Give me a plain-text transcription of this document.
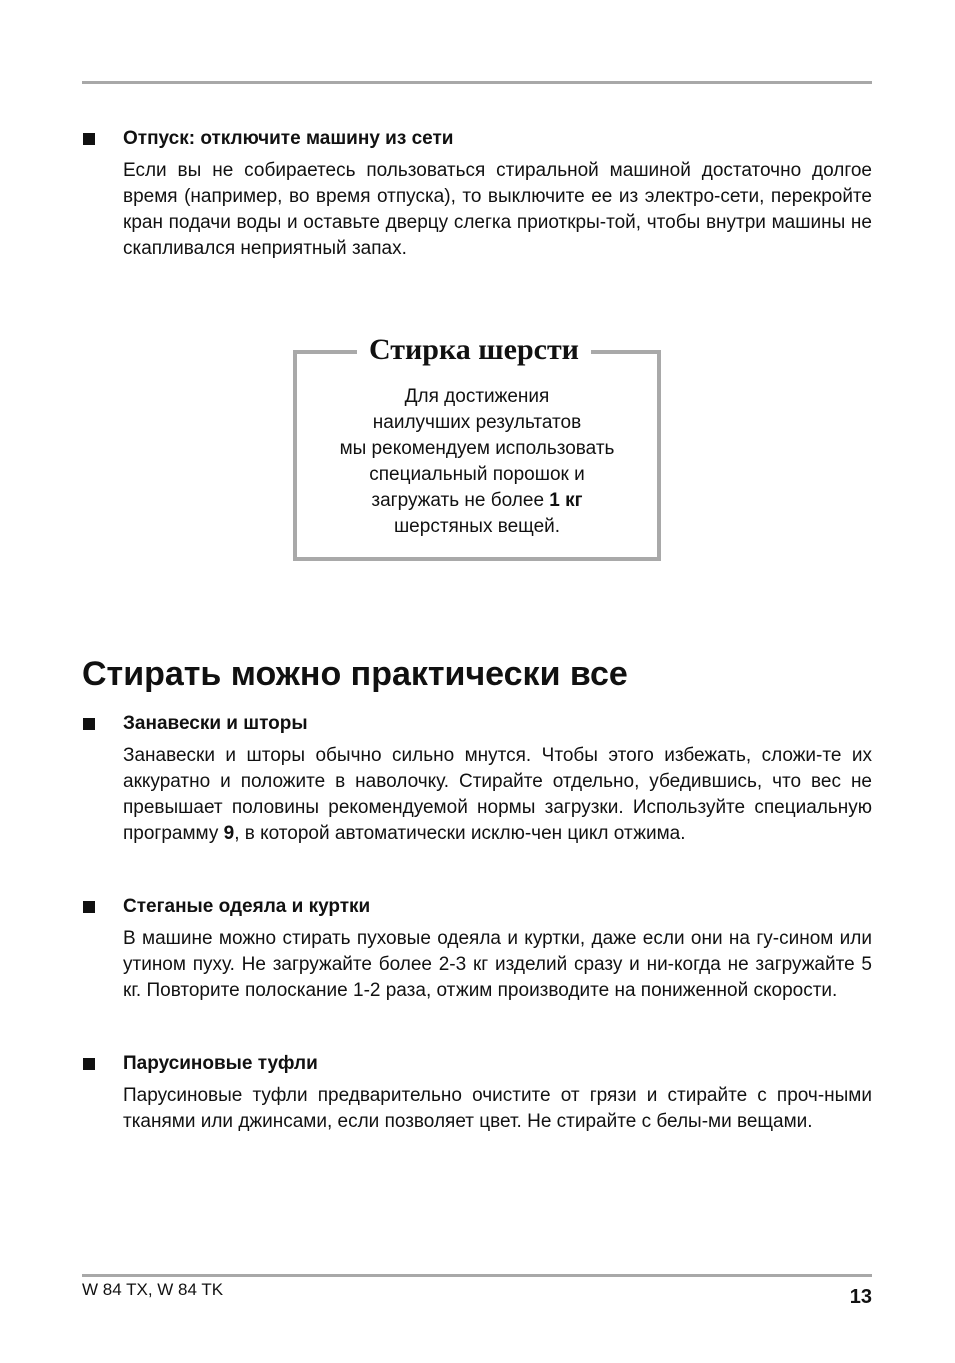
Отпуск: отключите машину из сети
Если вы не собираетесь пользоваться стиральной машиной достаточно долгое время (например, во время отпуска), то выключите ее из электро-сети, перекройте кран подачи воды и оставьте дверцу слегка приоткры-той, чтобы внутри машины не скапливался неприятный запах.
Стирка шерсти
Для достижения
наилучших результатов
мы рекомендуем использовать
специальный порошок и
загружать не более 1 кг
шерстяных вещей.
Стирать можно практически все
Занавески и шторы
Занавески и шторы обычно сильно мнутся. Чтобы этого избежать, сложи-те их аккуратно и положите в наволочку. Стирайте отдельно, убедившись, что вес не превышает половины рекомендуемой нормы загрузки. Используйте специальную программу 9, в которой автоматически исклю-чен цикл отжима.
Стеганые одеяла и куртки
В машине можно стирать пуховые одеяла и куртки, даже если они на гу-сином или утином пуху. Не загружайте более 2-3 кг изделий сразу и ни-когда не загружайте 5 кг. Повторите полоскание 1-2 раза, отжим производите на пониженной скорости.
Парусиновые туфли
Парусиновые туфли предварительно очистите от грязи и стирайте с проч-ными тканями или джинсами, если позволяет цвет. Не стирайте с белы-ми вещами.
W 84 TX, W 84 TK	13
